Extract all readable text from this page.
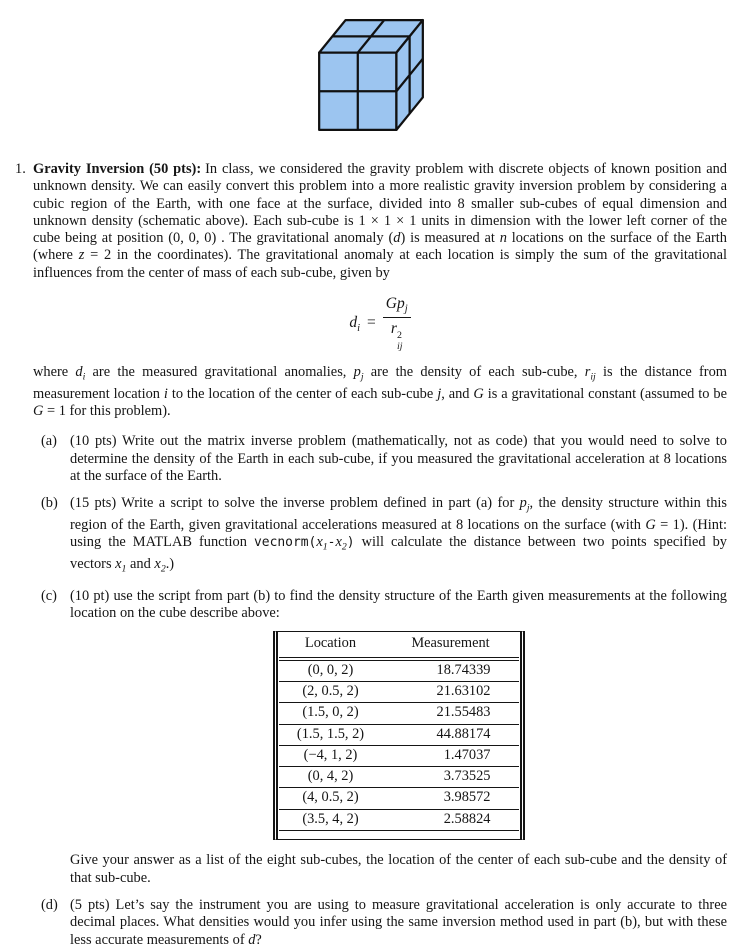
1. Gravity Inversion (50 pts): In class, we considered the gravity problem with discrete objects of known position and unknown density. We can easily convert this problem into a more realistic gravity inversion problem by considering a cubic region of the Earth, with one face at the surface, divided into 8 smaller sub-cubes of equal dimension and unknown density (schematic above). Each sub-cube is 1 × 1 × 1 units in dimension with the lower left corner of the cube being at position (0, 0, 0) . The gravitational anomaly (d) is measured at n locations on the surface of the Earth (where z = 2 in the coordinates). The gravitational anomaly at each location is simply the sum of the gravitational influences from the center of mass of each sub-cube, given by

$d_i = Gp_j$
r 2
ij

where $d_i$ are the measured gravitational anomalies, $p_j$ are the density of each sub-cube, $r_{ij}$ is the distance from measurement location i to the location of the center of each sub-cube j, and G is a gravitational constant (assumed to be G = 1 for this problem).

(a) (10 pts) Write out the matrix inverse problem (mathematically, not as code) that you would need to solve to determine the density of the Earth in each sub-cube, if you measured the gravitational acceleration at 8 locations at the surface of the Earth.

(b) (15 pts) Write a script to solve the inverse problem defined in part (a) for $p_j$, the density structure within this region of the Earth, given gravitational accelerations measured at 8 locations on the surface (with G = 1). (Hint: using the MATLAB function $vecnorm(x_1-x_2)$ will calculate the distance between two points specified by vectors $x_1$ and $x_2$.)

(c) (10 pt) use the script from part (b) to find the density structure of the Earth given measurements at the following location on the cube describe above:

Location	Measurement
(0, 0, 2)	18.74339
(2, 0.5, 2)	21.63102
(1.5, 0, 2)	21.55483
(1.5, 1.5, 2)	44.88174
(−4, 1, 2)	1.47037
(0, 4, 2)	3.73525
(4, 0.5, 2)	3.98572
(3.5, 4, 2)	2.58824

Give your answer as a list of the eight sub-cubes, the location of the center of each sub-cube and the density of that sub-cube.

(d) (5 pts) Let’s say the instrument you are using to measure gravitational acceleration is only accurate to three decimal places. What densities would you infer using the same inversion method used in part (b), but with these less accurate measurements of d?
